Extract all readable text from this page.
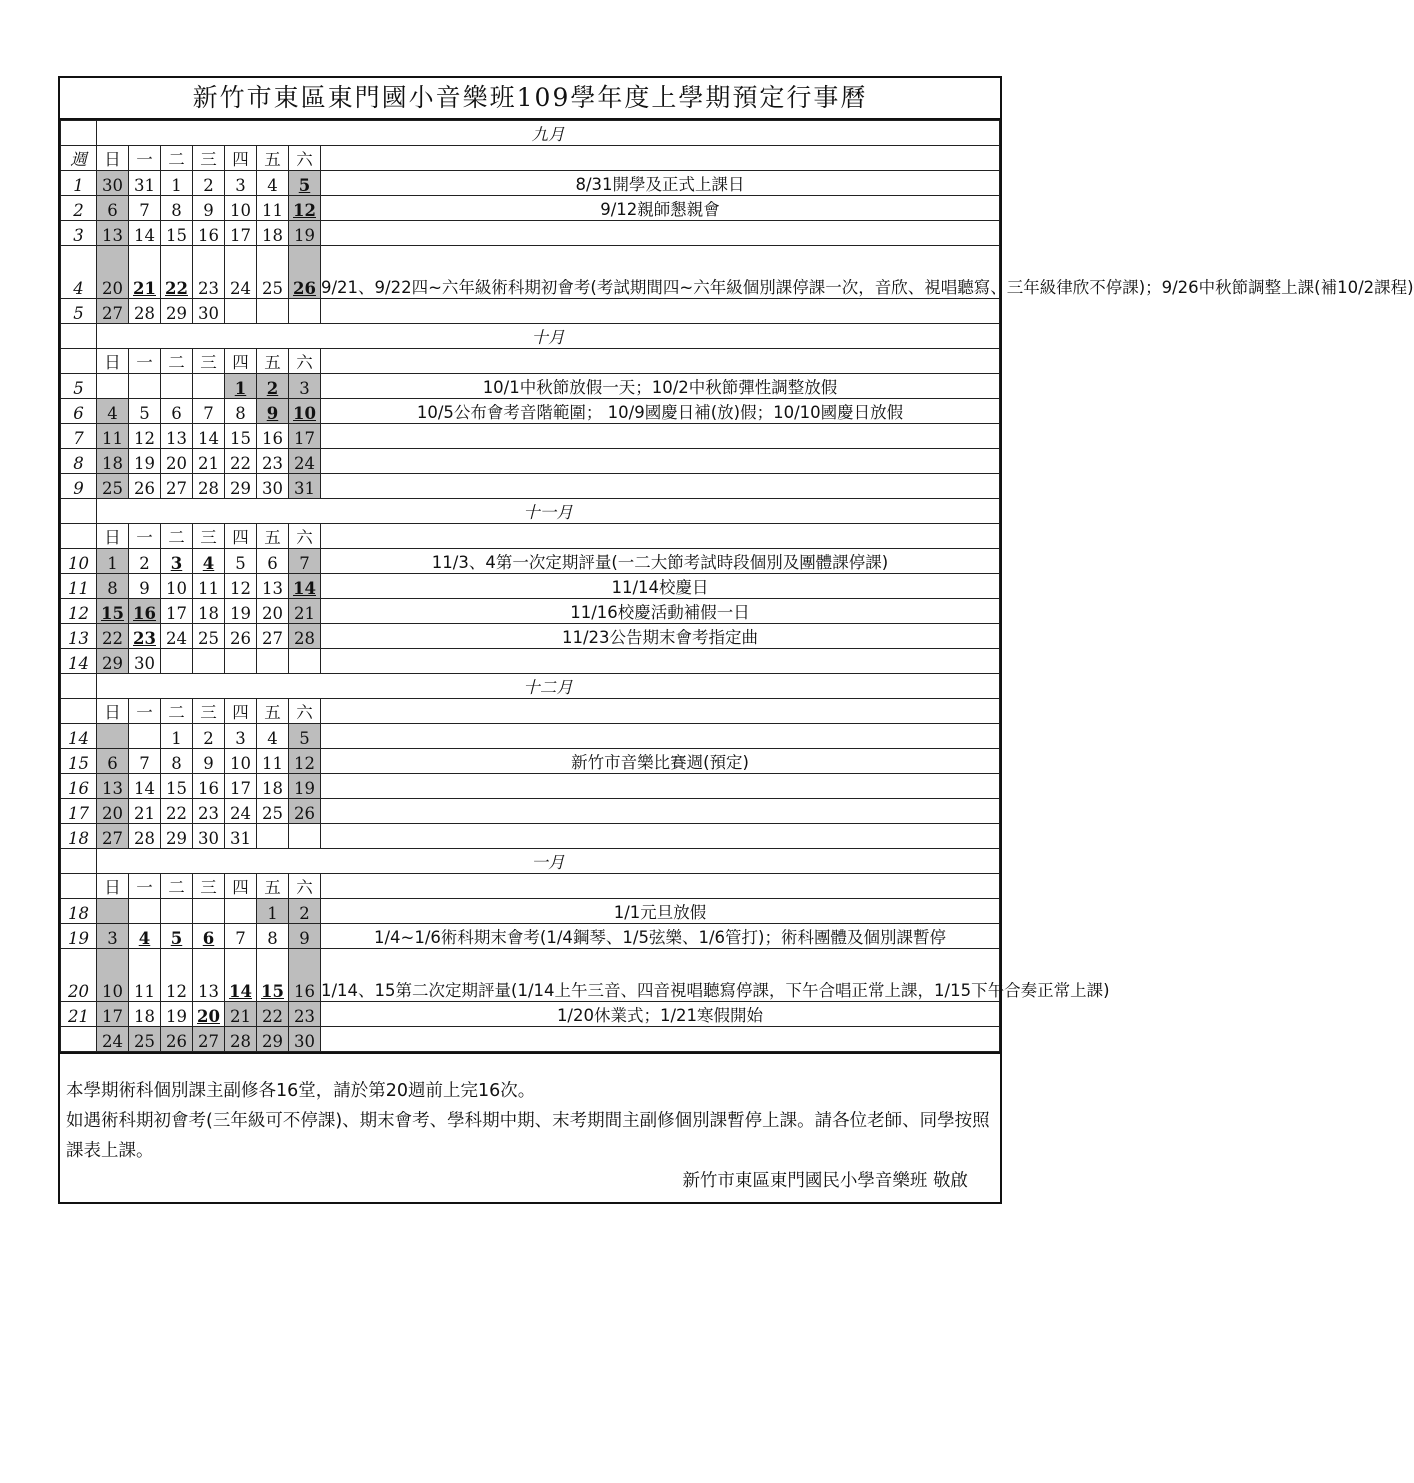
新竹市東區東門國小音樂班109學年度上學期預定行事曆
	九月							
週	日	一	二	三	四	五	六	
1	30	31	1	2	3	4	5	8/31開學及正式上課日
2	6	7	8	9	10	11	12	9/12親師懇親會
3	13	14	15	16	17	18	19	
4	20	21	22	23	24	25	26	9/21、9/22四~六年級術科期初會考(考試期間四~六年級個別課停課一次，音欣、視唱聽寫、三年級律欣不停課)；9/26中秋節調整上課(補10/2課程)
5	27	28	29	30				
	十月							
	日	一	二	三	四	五	六	
5					1	2	3	10/1中秋節放假一天；10/2中秋節彈性調整放假
6	4	5	6	7	8	9	10	10/5公布會考音階範圍； 10/9國慶日補(放)假；10/10國慶日放假
7	11	12	13	14	15	16	17	
8	18	19	20	21	22	23	24	
9	25	26	27	28	29	30	31	
	十一月							
	日	一	二	三	四	五	六	
10	1	2	3	4	5	6	7	11/3、4第一次定期評量(一二大節考試時段個別及團體課停課)
11	8	9	10	11	12	13	14	11/14校慶日
12	15	16	17	18	19	20	21	11/16校慶活動補假一日
13	22	23	24	25	26	27	28	11/23公告期末會考指定曲
14	29	30						
	十二月							
	日	一	二	三	四	五	六	
14			1	2	3	4	5	
15	6	7	8	9	10	11	12	新竹市音樂比賽週(預定)
16	13	14	15	16	17	18	19	
17	20	21	22	23	24	25	26	
18	27	28	29	30	31			
	一月							
	日	一	二	三	四	五	六	
18						1	2	1/1元旦放假
19	3	4	5	6	7	8	9	1/4~1/6術科期末會考(1/4鋼琴、1/5弦樂、1/6管打)；術科團體及個別課暫停
20	10	11	12	13	14	15	16	1/14、15第二次定期評量(1/14上午三音、四音視唱聽寫停課，下午合唱正常上課，1/15下午合奏正常上課)
21	17	18	19	20	21	22	23	1/20休業式；1/21寒假開始
	24	25	26	27	28	29	30	
本學期術科個別課主副修各16堂，請於第20週前上完16次。
如遇術科期初會考(三年級可不停課)、期末會考、學科期中期、末考期間主副修個別課暫停上課。請各位老師、同學按照課表上課。
新竹市東區東門國民小學音樂班 敬啟
